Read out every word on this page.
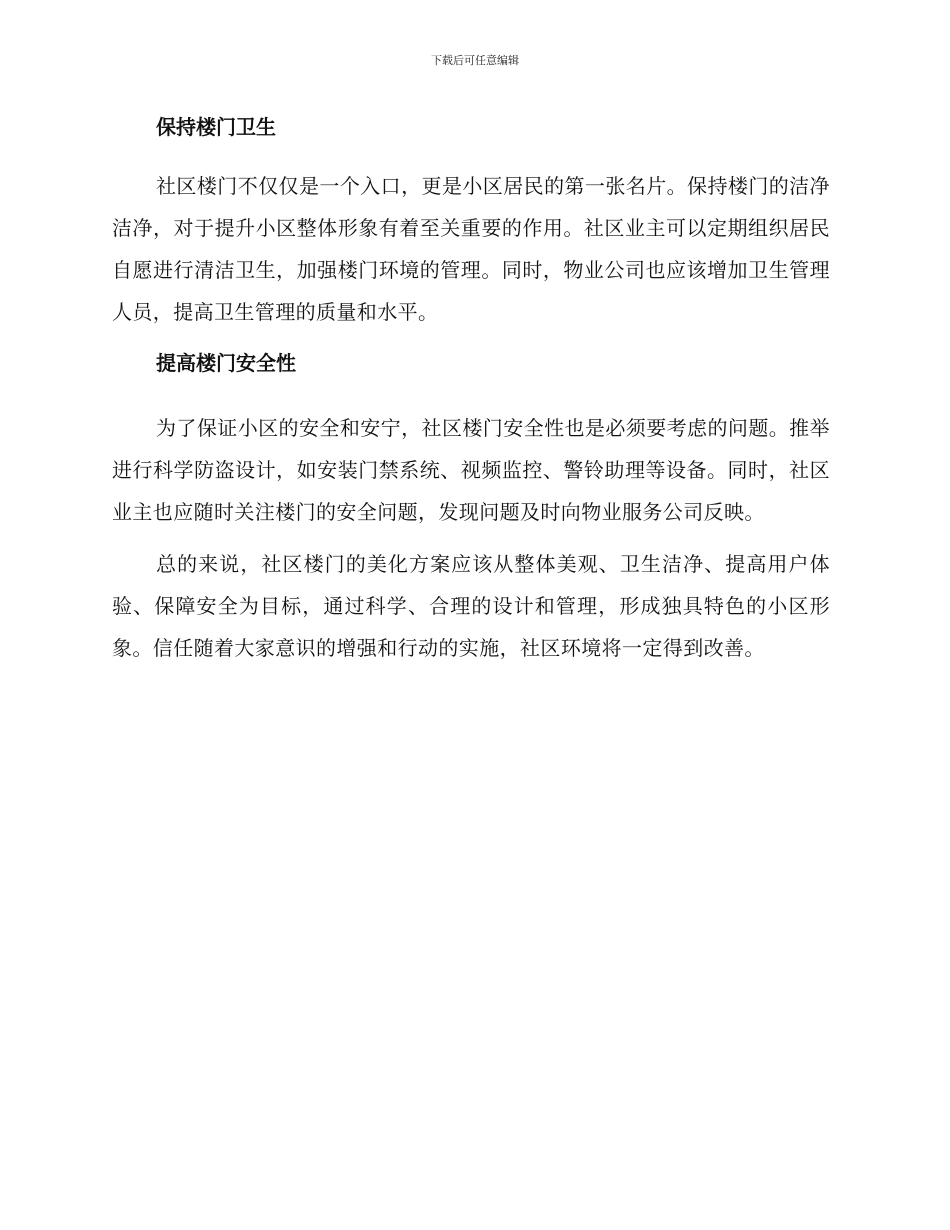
下载后可任意编辑
保持楼门卫生

社区楼门不仅仅是一个入口，更是小区居民的第一张名片。保持楼门的洁净洁净，对于提升小区整体形象有着至关重要的作用。社区业主可以定期组织居民自愿进行清洁卫生，加强楼门环境的管理。同时，物业公司也应该增加卫生管理人员，提高卫生管理的质量和水平。

提高楼门安全性

为了保证小区的安全和安宁，社区楼门安全性也是必须要考虑的问题。推举进行科学防盗设计，如安装门禁系统、视频监控、警铃助理等设备。同时，社区业主也应随时关注楼门的安全问题，发现问题及时向物业服务公司反映。

总的来说，社区楼门的美化方案应该从整体美观、卫生洁净、提高用户体验、保障安全为目标，通过科学、合理的设计和管理，形成独具特色的小区形象。信任随着大家意识的增强和行动的实施，社区环境将一定得到改善。
